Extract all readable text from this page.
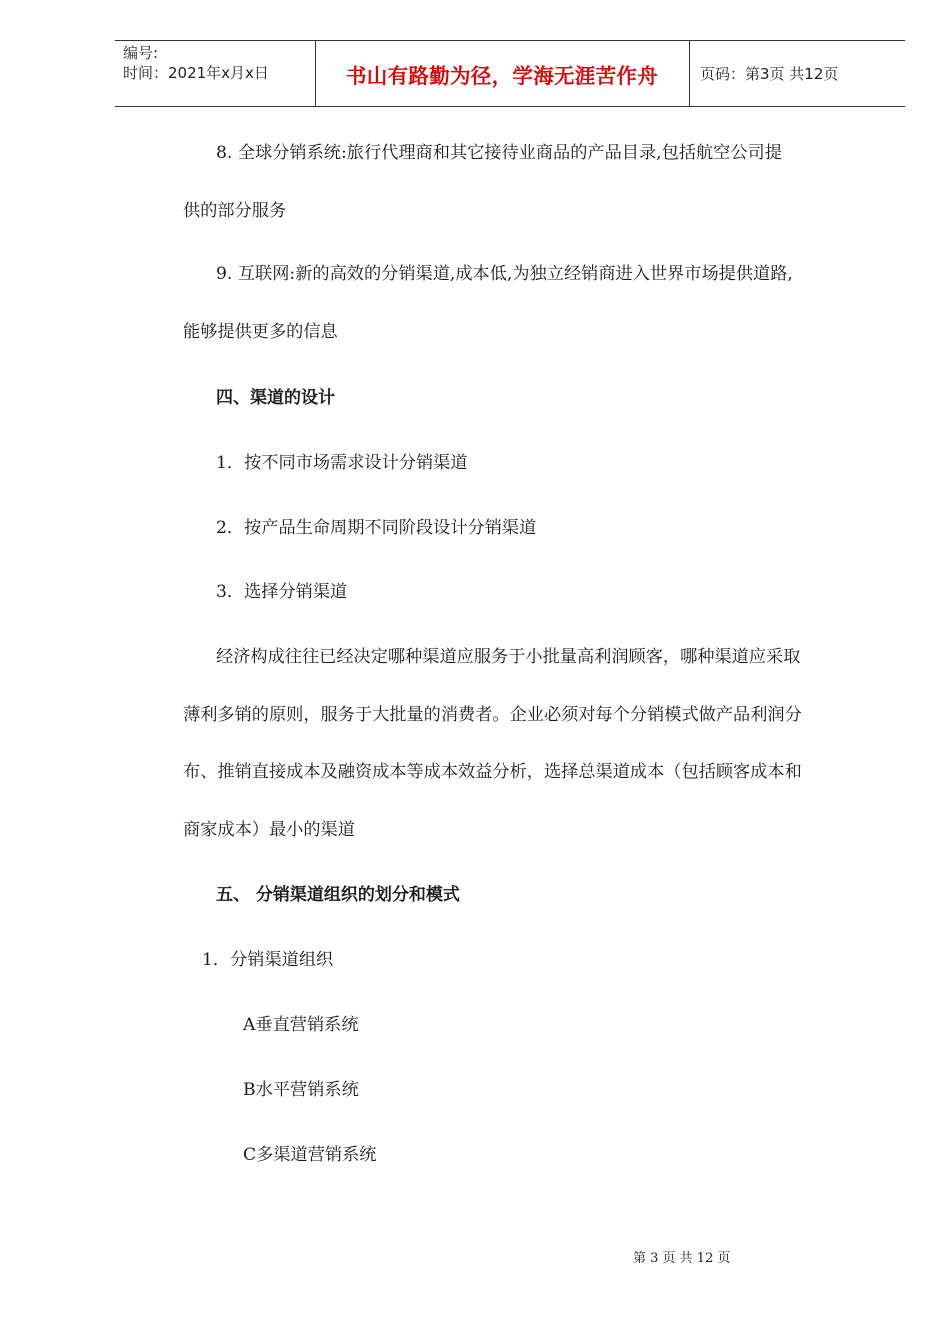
编号:
时间：2021年x月x日	书山有路勤为径，学海无涯苦作舟	页码：第3页 共12页
8. 全球分销系统:旅行代理商和其它接待业商品的产品目录,包括航空公司提
供的部分服务
9. 互联网:新的高效的分销渠道,成本低,为独立经销商进入世界市场提供道路,
能够提供更多的信息
四、渠道的设计
1．按不同市场需求设计分销渠道
2．按产品生命周期不同阶段设计分销渠道
3．选择分销渠道
经济构成往往已经决定哪种渠道应服务于小批量高利润顾客，哪种渠道应采取
薄利多销的原则，服务于大批量的消费者。企业必须对每个分销模式做产品利润分
布、推销直接成本及融资成本等成本效益分析，选择总渠道成本（包括顾客成本和
商家成本）最小的渠道
五、 分销渠道组织的划分和模式
1．分销渠道组织
A垂直营销系统
B水平营销系统
C多渠道营销系统
第 3 页 共 12 页
